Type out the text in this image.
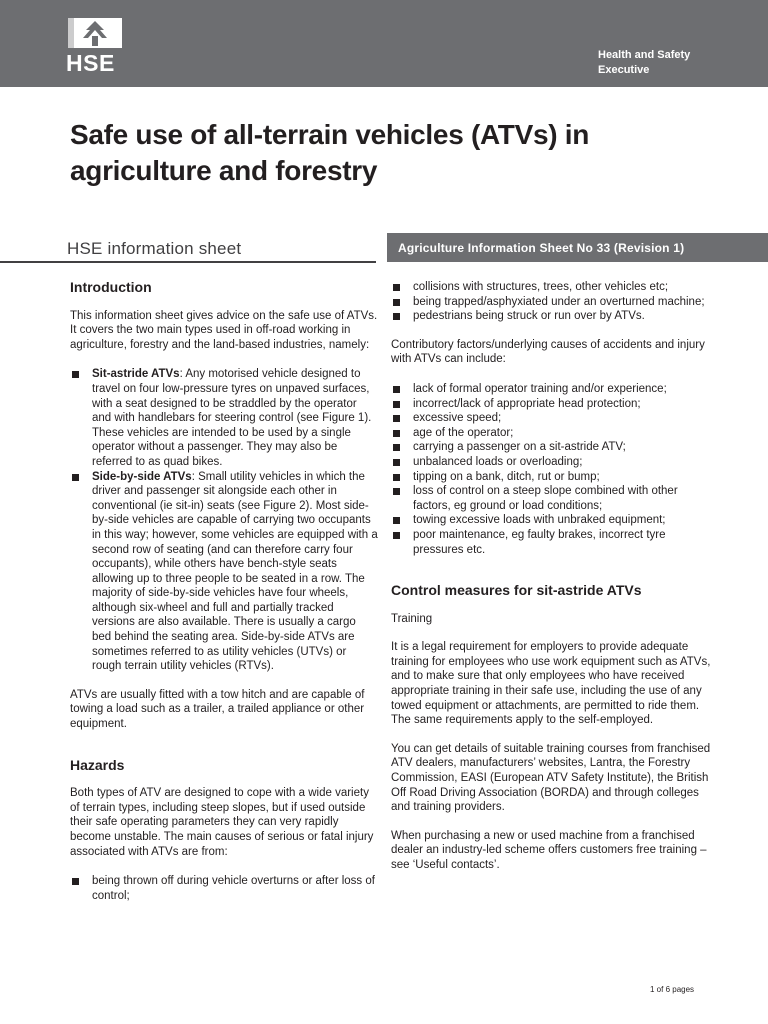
HSE	Health and Safety
Executive
Safe use of all-terrain vehicles (ATVs) in
agriculture and forestry
HSE information sheet	Agriculture Information Sheet No 33 (Revision 1)
Introduction

This information sheet gives advice on the safe use of ATVs. It covers the two main types used in off-road working in agriculture, forestry and the land-based industries, namely:

Sit-astride ATVs: Any motorised vehicle designed to travel on four low-pressure tyres on unpaved surfaces, with a seat designed to be straddled by the operator and with handlebars for steering control (see Figure 1). These vehicles are intended to be used by a single operator without a passenger. They may also be referred to as quad bikes.
Side-by-side ATVs: Small utility vehicles in which the driver and passenger sit alongside each other in conventional (ie sit-in) seats (see Figure 2). Most side-by-side vehicles are capable of carrying two occupants in this way; however, some vehicles are equipped with a second row of seating (and can therefore carry four occupants), while others have bench-style seats allowing up to three people to be seated in a row. The majority of side-by-side vehicles have four wheels, although six-wheel and full and partially tracked versions are also available. There is usually a cargo bed behind the seating area. Side-by-side ATVs are sometimes referred to as utility vehicles (UTVs) or rough terrain utility vehicles (RTVs).

ATVs are usually fitted with a tow hitch and are capable of towing a load such as a trailer, a trailed appliance or other equipment.

Hazards

Both types of ATV are designed to cope with a wide variety of terrain types, including steep slopes, but if used outside their safe operating parameters they can very rapidly become unstable. The main causes of serious or fatal injury associated with ATVs are from:

being thrown off during vehicle overturns or after loss of control;
collisions with structures, trees, other vehicles etc;
being trapped/asphyxiated under an overturned machine;
pedestrians being struck or run over by ATVs.

Contributory factors/underlying causes of accidents and injury with ATVs can include:

lack of formal operator training and/or experience;
incorrect/lack of appropriate head protection;
excessive speed;
age of the operator;
carrying a passenger on a sit-astride ATV;
unbalanced loads or overloading;
tipping on a bank, ditch, rut or bump;
loss of control on a steep slope combined with other factors, eg ground or load conditions;
towing excessive loads with unbraked equipment;
poor maintenance, eg faulty brakes, incorrect tyre pressures etc.
Control measures for sit-astride ATVs

Training

It is a legal requirement for employers to provide adequate training for employees who use work equipment such as ATVs, and to make sure that only employees who have received appropriate training in their safe use, including the use of any towed equipment or attachments, are permitted to ride them. The same requirements apply to the self-employed.

You can get details of suitable training courses from franchised ATV dealers, manufacturers’ websites, Lantra, the Forestry Commission, EASI (European ATV Safety Institute), the British Off Road Driving Association (BORDA) and through colleges and training providers.

When purchasing a new or used machine from a franchised dealer an industry-led scheme offers customers free training – see ‘Useful contacts’.

1 of 6 pages
